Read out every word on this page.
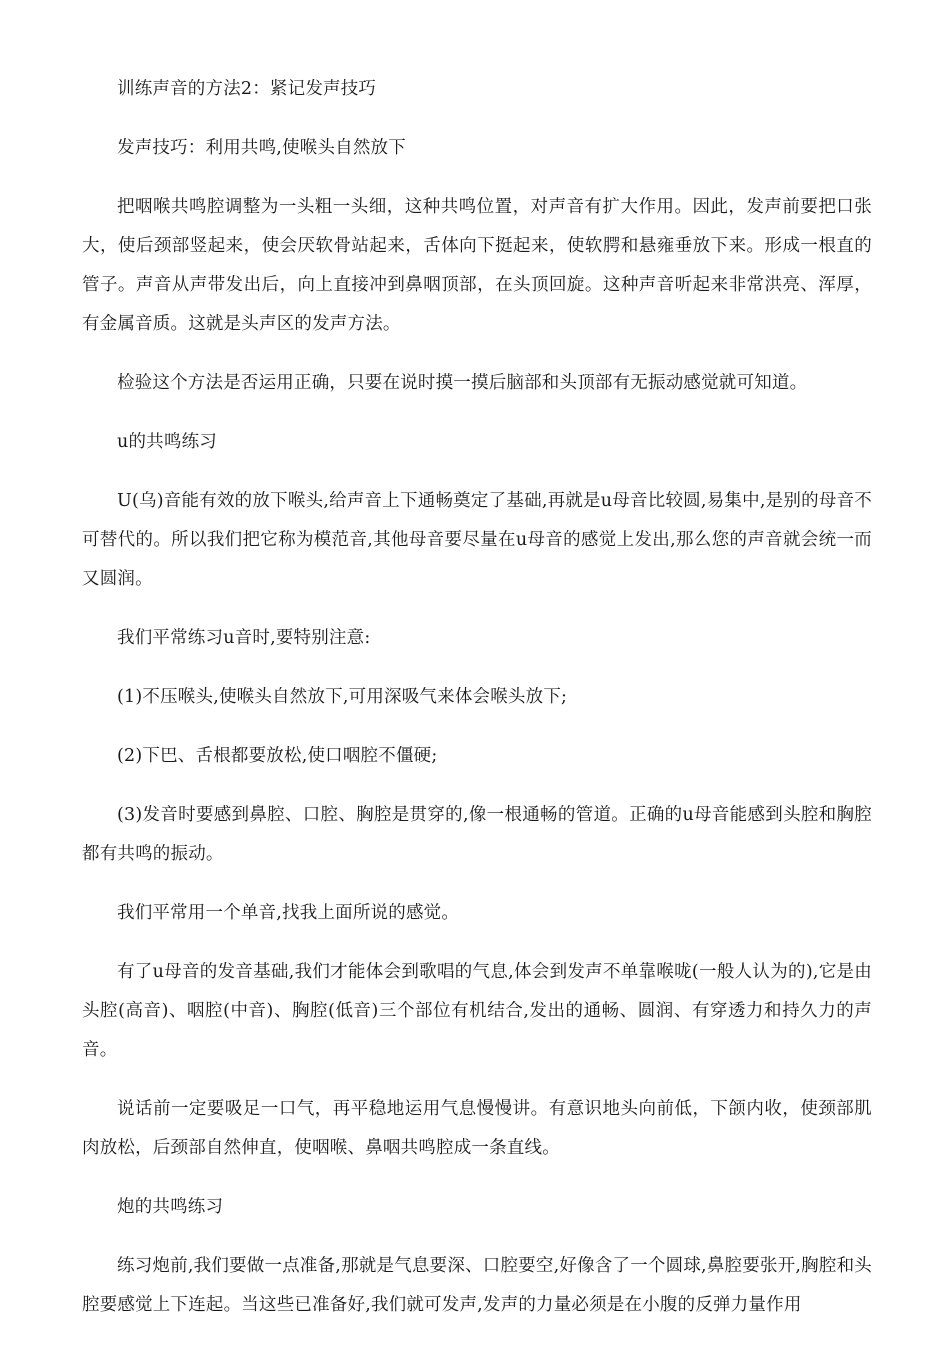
训练声音的方法2：紧记发声技巧

发声技巧：利用共鸣,使喉头自然放下

把咽喉共鸣腔调整为一头粗一头细，这种共鸣位置，对声音有扩大作用。因此，发声前要把口张大，使后颈部竖起来，使会厌软骨站起来，舌体向下挺起来，使软腭和悬雍垂放下来。形成一根直的管子。声音从声带发出后，向上直接冲到鼻咽顶部，在头顶回旋。这种声音听起来非常洪亮、浑厚，有金属音质。这就是头声区的发声方法。

检验这个方法是否运用正确，只要在说时摸一摸后脑部和头顶部有无振动感觉就可知道。

u的共鸣练习

U(乌)音能有效的放下喉头,给声音上下通畅奠定了基础,再就是u母音比较圆,易集中,是别的母音不可替代的。所以我们把它称为模范音,其他母音要尽量在u母音的感觉上发出,那么您的声音就会统一而又圆润。

我们平常练习u音时,要特别注意:

(1)不压喉头,使喉头自然放下,可用深吸气来体会喉头放下;

(2)下巴、舌根都要放松,使口咽腔不僵硬;

(3)发音时要感到鼻腔、口腔、胸腔是贯穿的,像一根通畅的管道。正确的u母音能感到头腔和胸腔都有共鸣的振动。

我们平常用一个单音,找我上面所说的感觉。

有了u母音的发音基础,我们才能体会到歌唱的气息,体会到发声不单靠喉咙(一般人认为的),它是由头腔(高音)、咽腔(中音)、胸腔(低音)三个部位有机结合,发出的通畅、圆润、有穿透力和持久力的声音。

说话前一定要吸足一口气，再平稳地运用气息慢慢讲。有意识地头向前低，下颌内收，使颈部肌肉放松，后颈部自然伸直，使咽喉、鼻咽共鸣腔成一条直线。

炮的共鸣练习

练习炮前,我们要做一点准备,那就是气息要深、口腔要空,好像含了一个圆球,鼻腔要张开,胸腔和头腔要感觉上下连起。当这些已准备好,我们就可发声,发声的力量必须是在小腹的反弹力量作用
